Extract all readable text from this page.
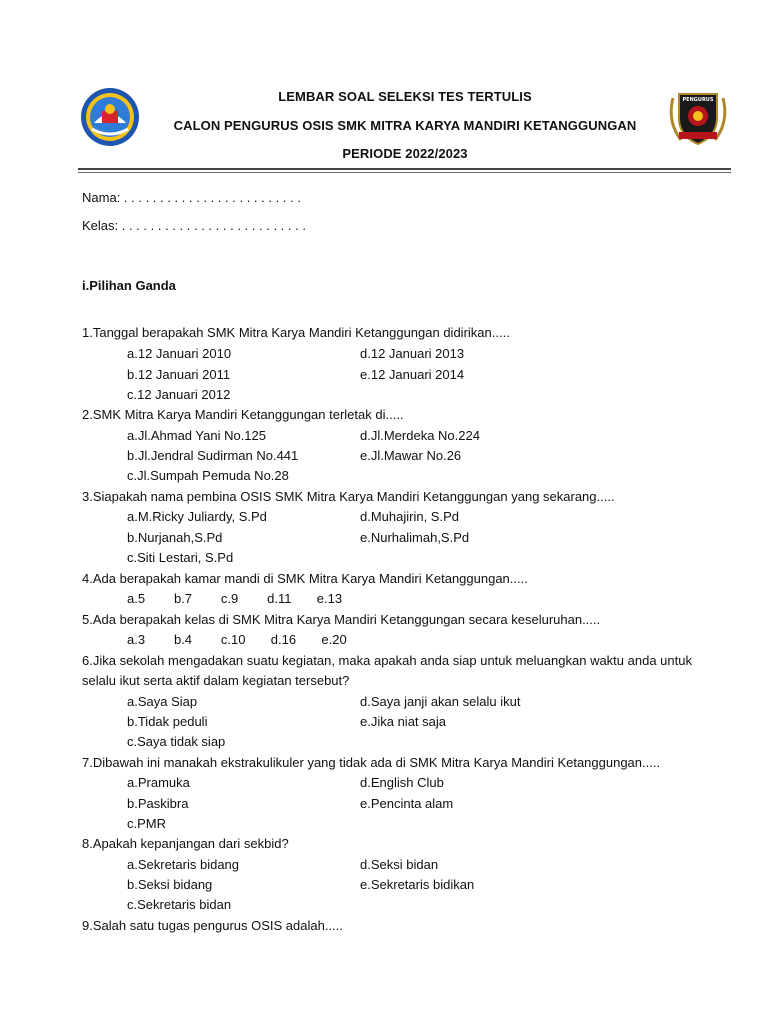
LEMBAR SOAL SELEKSI TES TERTULIS
CALON PENGURUS OSIS SMK MITRA KARYA MANDIRI KETANGGUNGAN
PERIODE 2022/2023
PENGURUS
Nama: . . . . . . . . . . . . . . . . . . . . . . . . .
Kelas: . . . . . . . . . . . . . . . . . . . . . . . . . .
i.Pilihan Ganda
1.Tanggal berapakah SMK Mitra Karya Mandiri Ketanggungan didirikan.....
a.12 Januari 2010	d.12 Januari 2013
b.12 Januari 2011	e.12 Januari 2014
c.12 Januari 2012
2.SMK Mitra Karya Mandiri Ketanggungan terletak di.....
a.Jl.Ahmad Yani No.125	d.Jl.Merdeka No.224
b.Jl.Jendral Sudirman No.441	e.Jl.Mawar No.26
c.Jl.Sumpah Pemuda No.28
3.Siapakah nama pembina OSIS SMK Mitra Karya Mandiri Ketanggungan yang sekarang.....
a.M.Ricky Juliardy, S.Pd	d.Muhajirin, S.Pd
b.Nurjanah,S.Pd	e.Nurhalimah,S.Pd
c.Siti Lestari, S.Pd
4.Ada berapakah kamar mandi di SMK Mitra Karya Mandiri Ketanggungan.....
a.5        b.7        c.9        d.11       e.13
5.Ada berapakah kelas di SMK Mitra Karya Mandiri Ketanggungan secara keseluruhan.....
a.3        b.4        c.10       d.16       e.20
6.Jika sekolah mengadakan suatu kegiatan, maka apakah anda siap untuk meluangkan waktu anda untuk
selalu ikut serta aktif dalam kegiatan tersebut?
a.Saya Siap	d.Saya janji akan selalu ikut
b.Tidak peduli	e.Jika niat saja
c.Saya tidak siap
7.Dibawah ini manakah ekstrakulikuler yang tidak ada di SMK Mitra Karya Mandiri Ketanggungan.....
a.Pramuka	d.English Club
b.Paskibra	e.Pencinta alam
c.PMR
8.Apakah kepanjangan dari sekbid?
a.Sekretaris bidang	d.Seksi bidan
b.Seksi bidang	e.Sekretaris bidikan
c.Sekretaris bidan
9.Salah satu tugas pengurus OSIS adalah.....
